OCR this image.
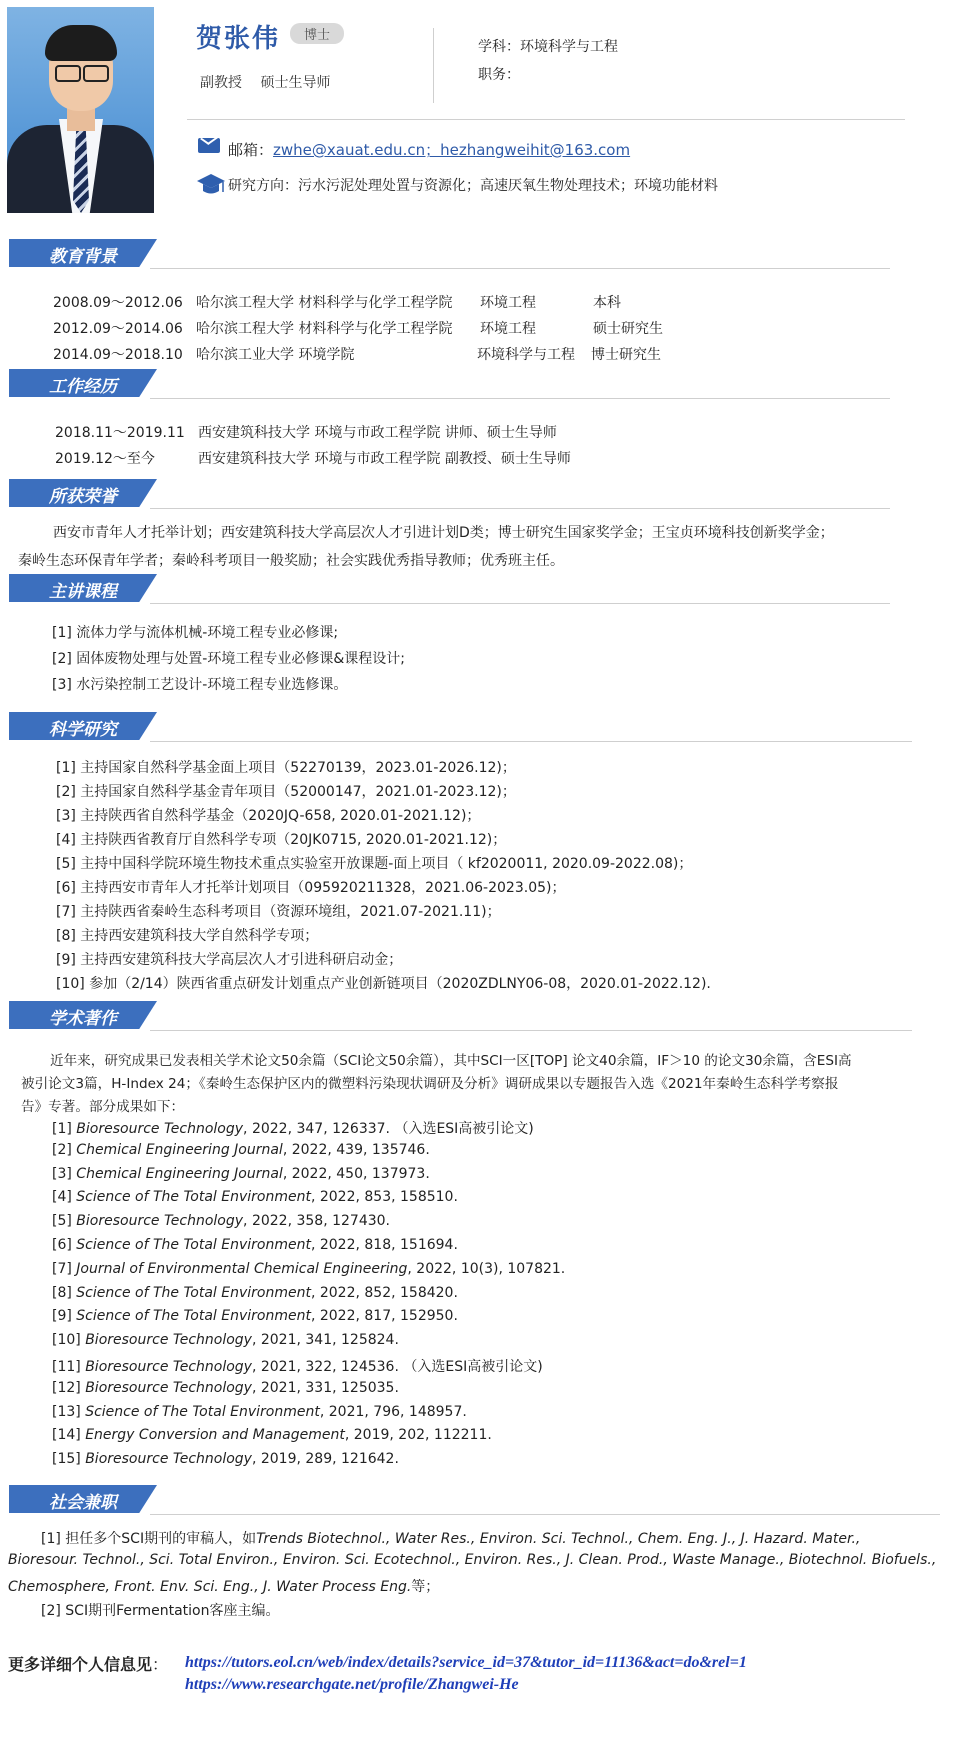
贺张伟	博士
副教授　 硕士生导师
学科：环境科学与工程
职务：
邮箱：zwhe@xauat.edu.cn；hezhangweihit@163.com
研究方向：污水污泥处理处置与资源化；高速厌氧生物处理技术；环境功能材料
教育背景
2008.09～2012.06 哈尔滨工程大学 材料科学与化学工程学院 环境工程	本科
2012.09～2014.06 哈尔滨工程大学 材料科学与化学工程学院 环境工程	硕士研究生
2014.09～2018.10 哈尔滨工业大学 环境学院	环境科学与工程 博士研究生
工作经历
2018.11～2019.11 西安建筑科技大学 环境与市政工程学院 讲师、硕士生导师
2019.12～至今	西安建筑科技大学 环境与市政工程学院 副教授、硕士生导师
所获荣誉
西安市青年人才托举计划；西安建筑科技大学高层次人才引进计划D类；博士研究生国家奖学金；王宝贞环境科技创新奖学金；
秦岭生态环保青年学者；秦岭科考项目一般奖励；社会实践优秀指导教师；优秀班主任。
主讲课程
[1] 流体力学与流体机械-环境工程专业必修课;
[2] 固体废物处理与处置-环境工程专业必修课&课程设计;
[3] 水污染控制工艺设计-环境工程专业选修课。
科学研究
[1] 主持国家自然科学基金面上项目（52270139，2023.01-2026.12)；
[2] 主持国家自然科学基金青年项目（52000147，2021.01-2023.12)；
[3] 主持陕西省自然科学基金（2020JQ-658, 2020.01-2021.12)；
[4] 主持陕西省教育厅自然科学专项（20JK0715, 2020.01-2021.12)；
[5] 主持中国科学院环境生物技术重点实验室开放课题-面上项目（ kf2020011, 2020.09-2022.08)；
[6] 主持西安市青年人才托举计划项目（095920211328，2021.06-2023.05)；
[7] 主持陕西省秦岭生态科考项目（资源环境组，2021.07-2021.11)；
[8] 主持西安建筑科技大学自然科学专项；
[9] 主持西安建筑科技大学高层次人才引进科研启动金；
[10] 参加（2/14）陕西省重点研发计划重点产业创新链项目（2020ZDLNY06-08，2020.01-2022.12).
学术著作
近年来，研究成果已发表相关学术论文50余篇（SCI论文50余篇），其中SCI一区[TOP] 论文40余篇，IF＞10 的论文30余篇，含ESI高
被引论文3篇，H-Index 24；《秦岭生态保护区内的微塑料污染现状调研及分析》调研成果以专题报告入选《2021年秦岭生态科学考察报
告》专著。部分成果如下：
[1] Bioresource Technology, 2022, 347, 126337. （入选ESI高被引论文)
[2] Chemical Engineering Journal, 2022, 439, 135746.
[3] Chemical Engineering Journal, 2022, 450, 137973.
[4] Science of The Total Environment, 2022, 853, 158510.
[5] Bioresource Technology, 2022, 358, 127430.
[6] Science of The Total Environment, 2022, 818, 151694.
[7] Journal of Environmental Chemical Engineering, 2022, 10(3), 107821.
[8] Science of The Total Environment, 2022, 852, 158420.
[9] Science of The Total Environment, 2022, 817, 152950.
[10] Bioresource Technology, 2021, 341, 125824.
[11] Bioresource Technology, 2021, 322, 124536. （入选ESI高被引论文)
[12] Bioresource Technology, 2021, 331, 125035.
[13] Science of The Total Environment, 2021, 796, 148957.
[14] Energy Conversion and Management, 2019, 202, 112211.
[15] Bioresource Technology, 2019, 289, 121642.
社会兼职
[1] 担任多个SCI期刊的审稿人，如Trends Biotechnol., Water Res., Environ. Sci. Technol., Chem. Eng. J., J. Hazard. Mater.,
Bioresour. Technol., Sci. Total Environ., Environ. Sci. Ecotechnol., Environ. Res., J. Clean. Prod., Waste Manage., Biotechnol. Biofuels.,
Chemosphere, Front. Env. Sci. Eng., J. Water Process Eng.等；
[2] SCI期刊Fermentation客座主编。
更多详细个人信息见： https://tutors.eol.cn/web/index/details?service_id=37&tutor_id=11136&act=do&rel=1
https://www.researchgate.net/profile/Zhangwei-He
